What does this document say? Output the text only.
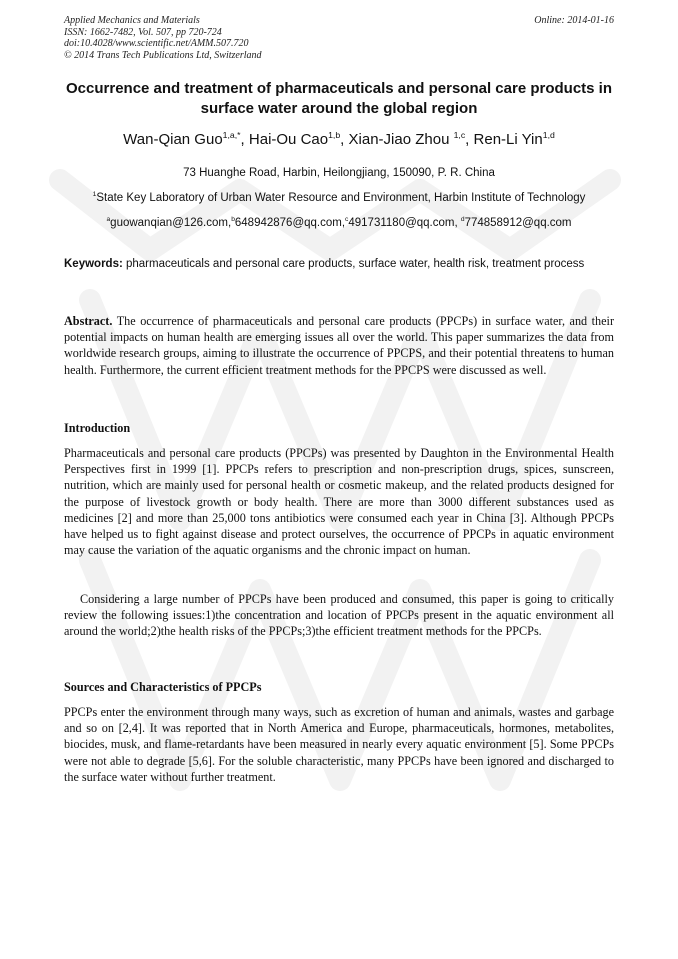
Applied Mechanics and Materials
ISSN: 1662-7482, Vol. 507, pp 720-724
doi:10.4028/www.scientific.net/AMM.507.720
© 2014 Trans Tech Publications Ltd, Switzerland
Online: 2014-01-16
Occurrence and treatment of pharmaceuticals and personal care products in surface water around the global region
Wan-Qian Guo$^{1,a,*}$, Hai-Ou Cao$^{1,b}$, Xian-Jiao Zhou $^{1,c}$, Ren-Li Yin$^{1,d}$
73 Huanghe Road, Harbin, Heilongjiang, 150090, P. R. China
$^1$State Key Laboratory of Urban Water Resource and Environment, Harbin Institute of Technology
$^a$guowanqian@126.com,$^b$648942876@qq.com,$^c$491731180@qq.com, $^d$774858912@qq.com
Keywords: pharmaceuticals and personal care products, surface water, health risk, treatment process
Abstract. The occurrence of pharmaceuticals and personal care products (PPCPs) in surface water, and their potential impacts on human health are emerging issues all over the world. This paper summarizes the data from worldwide research groups, aiming to illustrate the occurrence of PPCPS, and their potential threatens to human health. Furthermore, the current efficient treatment methods for the PPCPS were discussed as well.
Introduction

Pharmaceuticals and personal care products (PPCPs) was presented by Daughton in the Environmental Health Perspectives first in 1999 [1]. PPCPs refers to prescription and non-prescription drugs, spices, sunscreen, nutrition, which are mainly used for personal health or cosmetic makeup, and the related products designed for the purpose of livestock growth or body health. There are more than 3000 different substances used as medicines [2] and more than 25,000 tons antibiotics were consumed each year in China [3]. Although PPCPs have helped us to fight against disease and protect ourselves, the occurrence of PPCPs in aquatic environment may cause the variation of the aquatic organisms and the chronic impact on human.

Considering a large number of PPCPs have been produced and consumed, this paper is going to critically review the following issues:1)the concentration and location of PPCPs present in the aquatic environment all around the world;2)the health risks of the PPCPs;3)the efficient treatment methods for the PPCPs.

Sources and Characteristics of PPCPs

PPCPs enter the environment through many ways, such as excretion of human and animals, wastes and garbage and so on [2,4]. It was reported that in North America and Europe, pharmaceuticals, hormones, metabolites, biocides, musk, and flame-retardants have been measured in nearly every aquatic environment [5]. Some PPCPs were not able to degrade [5,6]. For the soluble characteristic, many PPCPs have been ignored and discharged to the surface water without further treatment.
